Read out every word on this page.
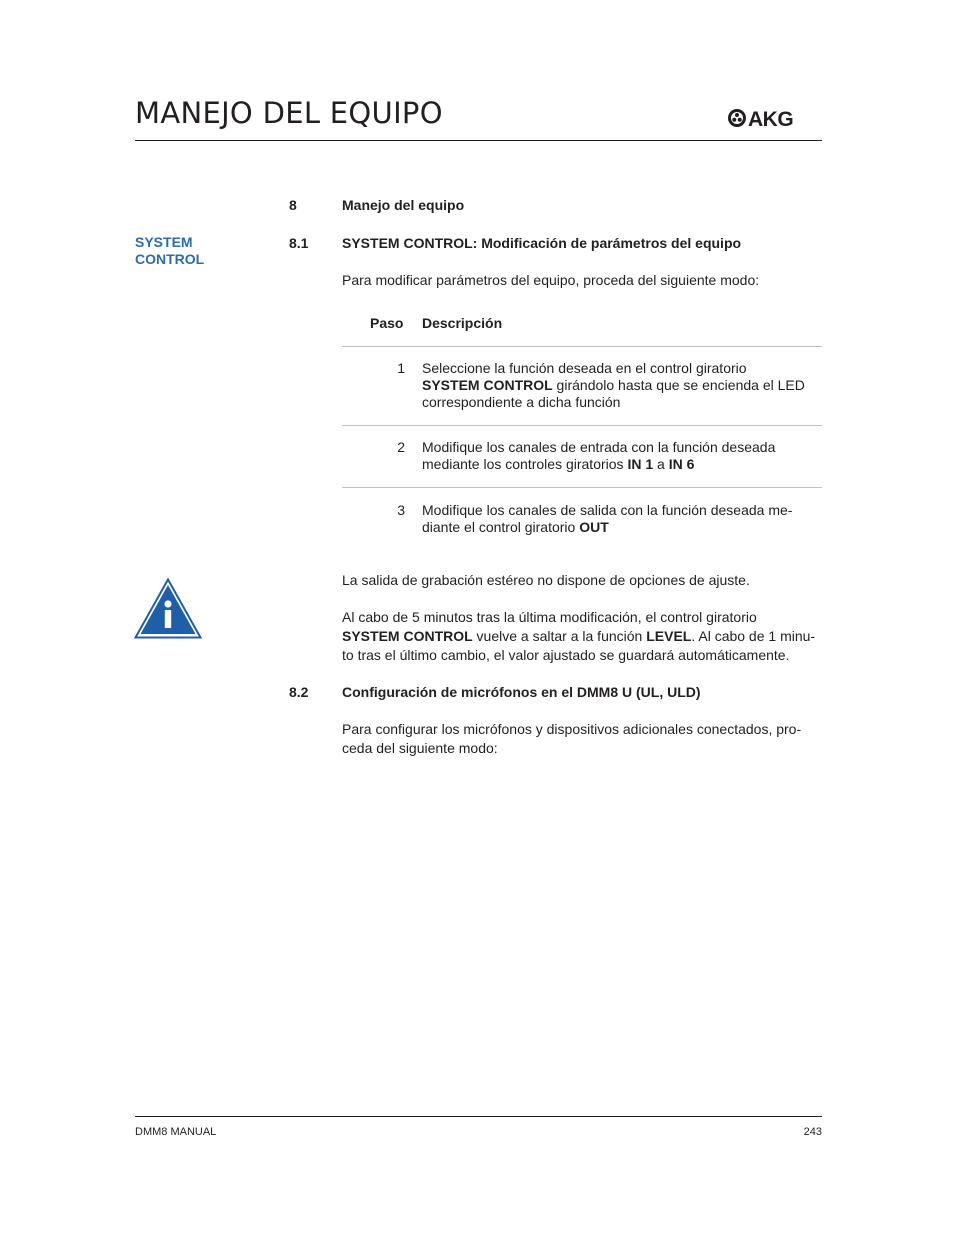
MANEJO DEL EQUIPO	AKG
SYSTEM
CONTROL
8	Manejo del equipo
8.1 SYSTEM CONTROL: Modificación de parámetros del equipo
Para modificar parámetros del equipo, proceda del siguiente modo:
Paso Descripción
1 Seleccione la función deseada en el control giratorio
SYSTEM CONTROL girándolo hasta que se encienda el LED
correspondiente a dicha función
2 Modifique los canales de entrada con la función deseada
mediante los controles giratorios IN 1 a IN 6
3 Modifique los canales de salida con la función deseada me-
diante el control giratorio OUT
La salida de grabación estéreo no dispone de opciones de ajuste.
Al cabo de 5 minutos tras la última modificación, el control giratorio
SYSTEM CONTROL vuelve a saltar a la función LEVEL. Al cabo de 1 minu-
to tras el último cambio, el valor ajustado se guardará automáticamente.
8.2 Configuración de micrófonos en el DMM8 U (UL, ULD)
Para configurar los micrófonos y dispositivos adicionales conectados, pro-
ceda del siguiente modo:
DMM8 MANUAL	243
